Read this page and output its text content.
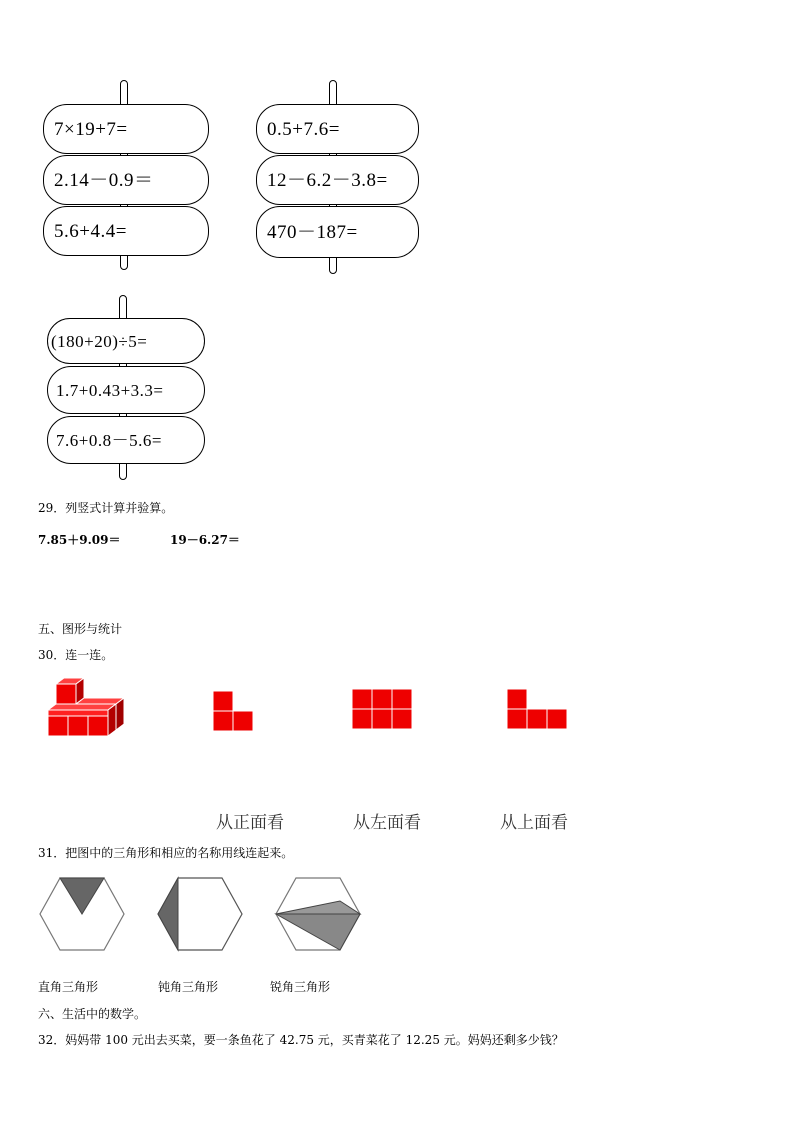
7×19+7=
2.14－0.9＝
5.6+4.4=
0.5+7.6=
12－6.2－3.8=
470－187=
(180+20)÷5=
1.7+0.43+3.3=
7.6+0.8－5.6=
29．列竖式计算并验算。
7.85＋9.09＝	19－6.27＝
五、图形与统计
30．连一连。
从正面看	从左面看	从上面看
31．把图中的三角形和相应的名称用线连起来。
直角三角形	钝角三角形	锐角三角形
六、生活中的数学。
32．妈妈带 100 元出去买菜，要一条鱼花了 42.75 元，买青菜花了 12.25 元。妈妈还剩多少钱？
